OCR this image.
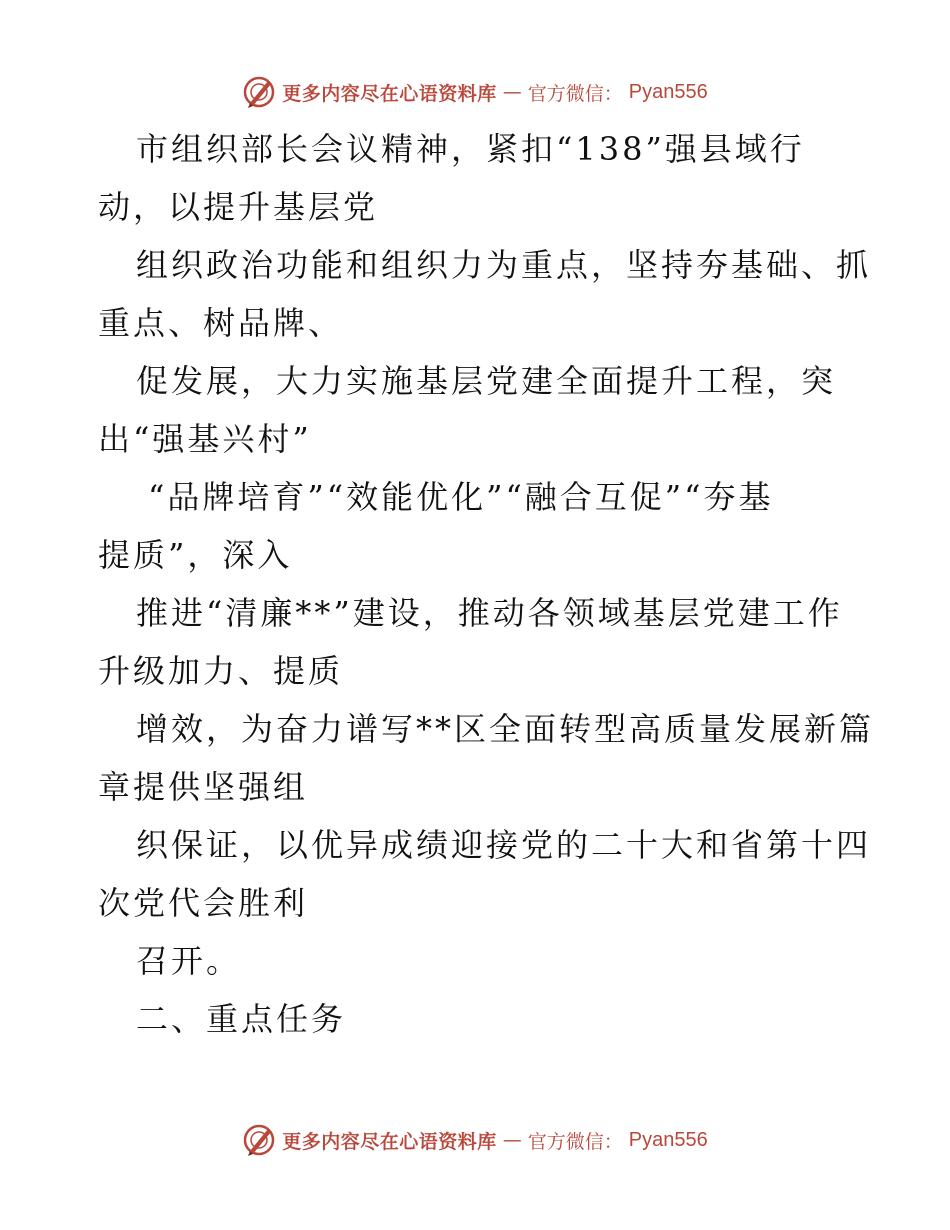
更多内容尽在心语资料库 — 官方微信： Pyan556
市组织部长会议精神，紧扣“138”强县域行
动，以提升基层党
组织政治功能和组织力为重点，坚持夯基础、抓
重点、树品牌、
促发展，大力实施基层党建全面提升工程，突
出“强基兴村”
“品牌培育”“效能优化”“融合互促”“夯基
提质”，深入
推进“清廉**”建设，推动各领域基层党建工作
升级加力、提质
增效，为奋力谱写**区全面转型高质量发展新篇
章提供坚强组
织保证，以优异成绩迎接党的二十大和省第十四
次党代会胜利
召开。
二、重点任务
更多内容尽在心语资料库 — 官方微信： Pyan556
